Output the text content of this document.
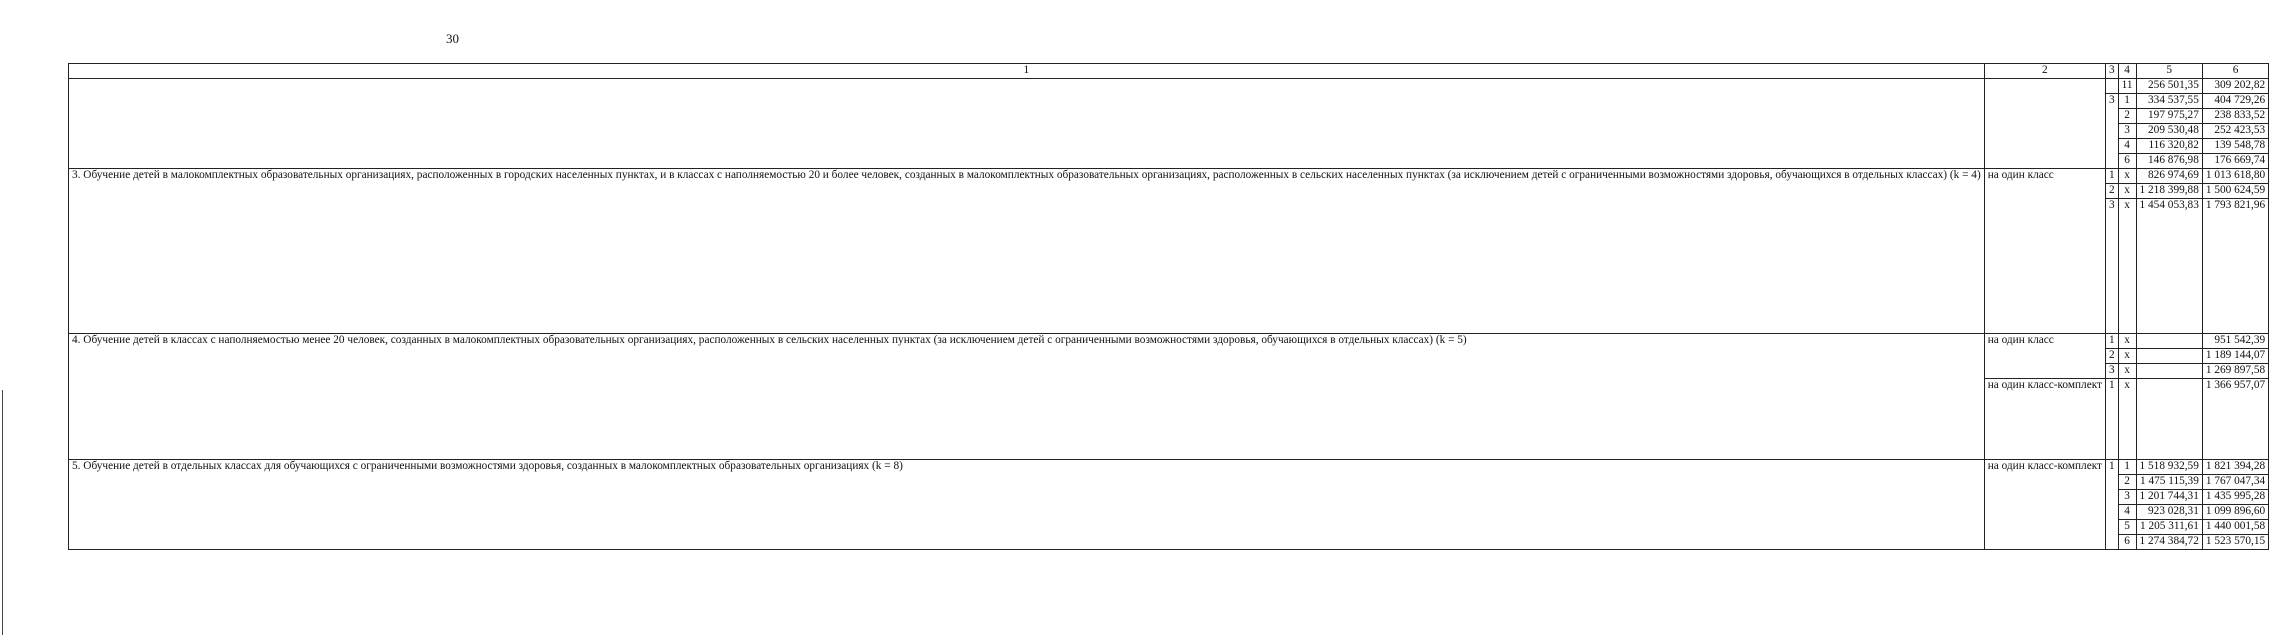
30
1	2	3	4	5	6
			11	256 501,35	309 202,82
		3	1	334 537,55	404 729,26
			2	197 975,27	238 833,52
			3	209 530,48	252 423,53
			4	116 320,82	139 548,78
			6	146 876,98	176 669,74
3. Обучение детей в малокомплектных образовательных организациях, расположенных в городских населенных пунктах, и в классах с наполняемостью 20 и более человек, созданных в малокомплектных образовательных организациях, расположенных в сельских населенных пунктах (за исключением детей с ограниченными возможностями здоровья, обучающихся в отдельных классах) (k = 4)	на один класс	1	х	826 974,69	1 013 618,80
		2	х	1 218 399,88	1 500 624,59
		3	х	1 454 053,83	1 793 821,96
4. Обучение детей в классах с наполняемостью менее 20 человек, созданных в малокомплектных образовательных организациях, расположенных в сельских населенных пунктах (за исключением детей с ограниченными возможностями здоровья, обучающихся в отдельных классах) (k = 5)	на один класс	1	х		951 542,39
		2	х		1 189 144,07
		3	х		1 269 897,58
	на один класс-комплект	1	х		1 366 957,07
5. Обучение детей в отдельных классах для обучающихся с ограниченными возможностями здоровья, созданных в малокомплектных образовательных организациях (k = 8)	на один класс-комплект	1	1	1 518 932,59	1 821 394,28
			2	1 475 115,39	1 767 047,34
			3	1 201 744,31	1 435 995,28
			4	923 028,31	1 099 896,60
			5	1 205 311,61	1 440 001,58
			6	1 274 384,72	1 523 570,15
